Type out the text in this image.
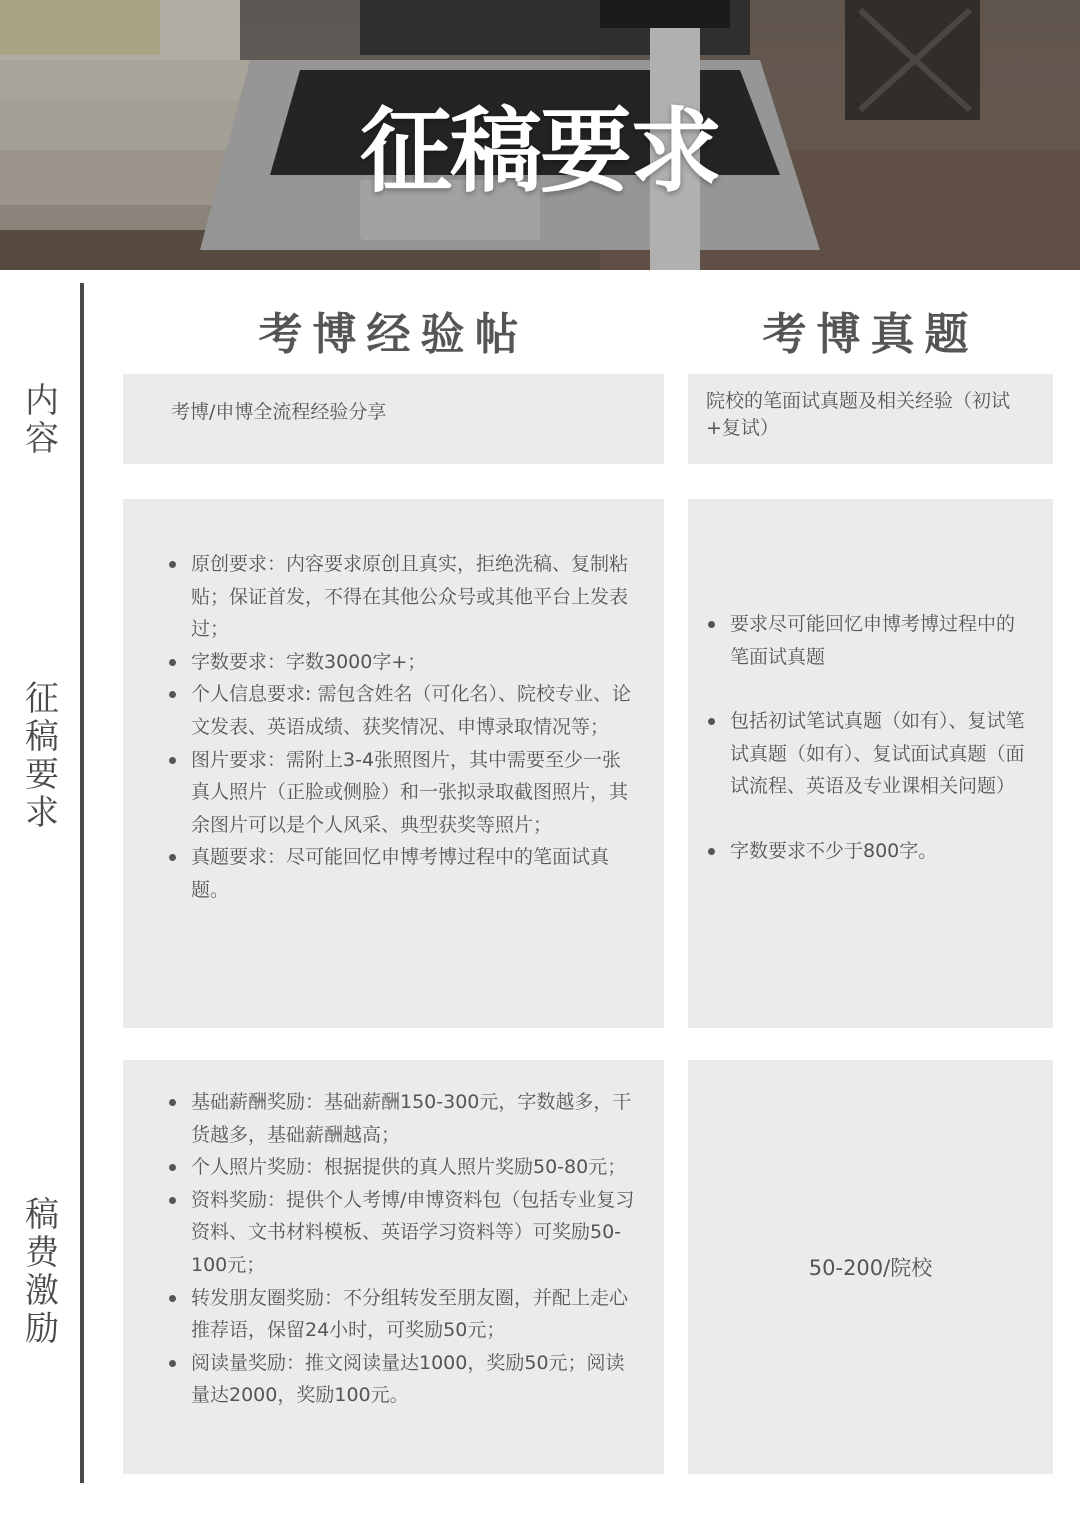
征稿要求
内
容
征
稿
要
求
稿
费
激
励
考博经验帖	考博真题
考博/申博全流程经验分享	院校的笔面试真题及相关经验（初试+复试）
原创要求：内容要求原创且真实，拒绝洗稿、复制粘贴；保证首发，不得在其他公众号或其他平台上发表过；
字数要求：字数3000字+；
个人信息要求: 需包含姓名（可化名）、院校专业、论文发表、英语成绩、获奖情况、申博录取情况等；
图片要求：需附上3-4张照图片，其中需要至少一张真人照片（正脸或侧脸）和一张拟录取截图照片，其余图片可以是个人风采、典型获奖等照片；
真题要求：尽可能回忆申博考博过程中的笔面试真题。
要求尽可能回忆申博考博过程中的笔面试真题
包括初试笔试真题（如有）、复试笔试真题（如有）、复试面试真题（面试流程、英语及专业课相关问题）
字数要求不少于800字。
基础薪酬奖励：基础薪酬150-300元，字数越多，干货越多，基础薪酬越高；
个人照片奖励：根据提供的真人照片奖励50-80元；
资料奖励：提供个人考博/申博资料包（包括专业复习资料、文书材料模板、英语学习资料等）可奖励50-100元；
转发朋友圈奖励：不分组转发至朋友圈，并配上走心推荐语，保留24小时，可奖励50元；
阅读量奖励：推文阅读量达1000，奖励50元；阅读量达2000，奖励100元。
50-200/院校
